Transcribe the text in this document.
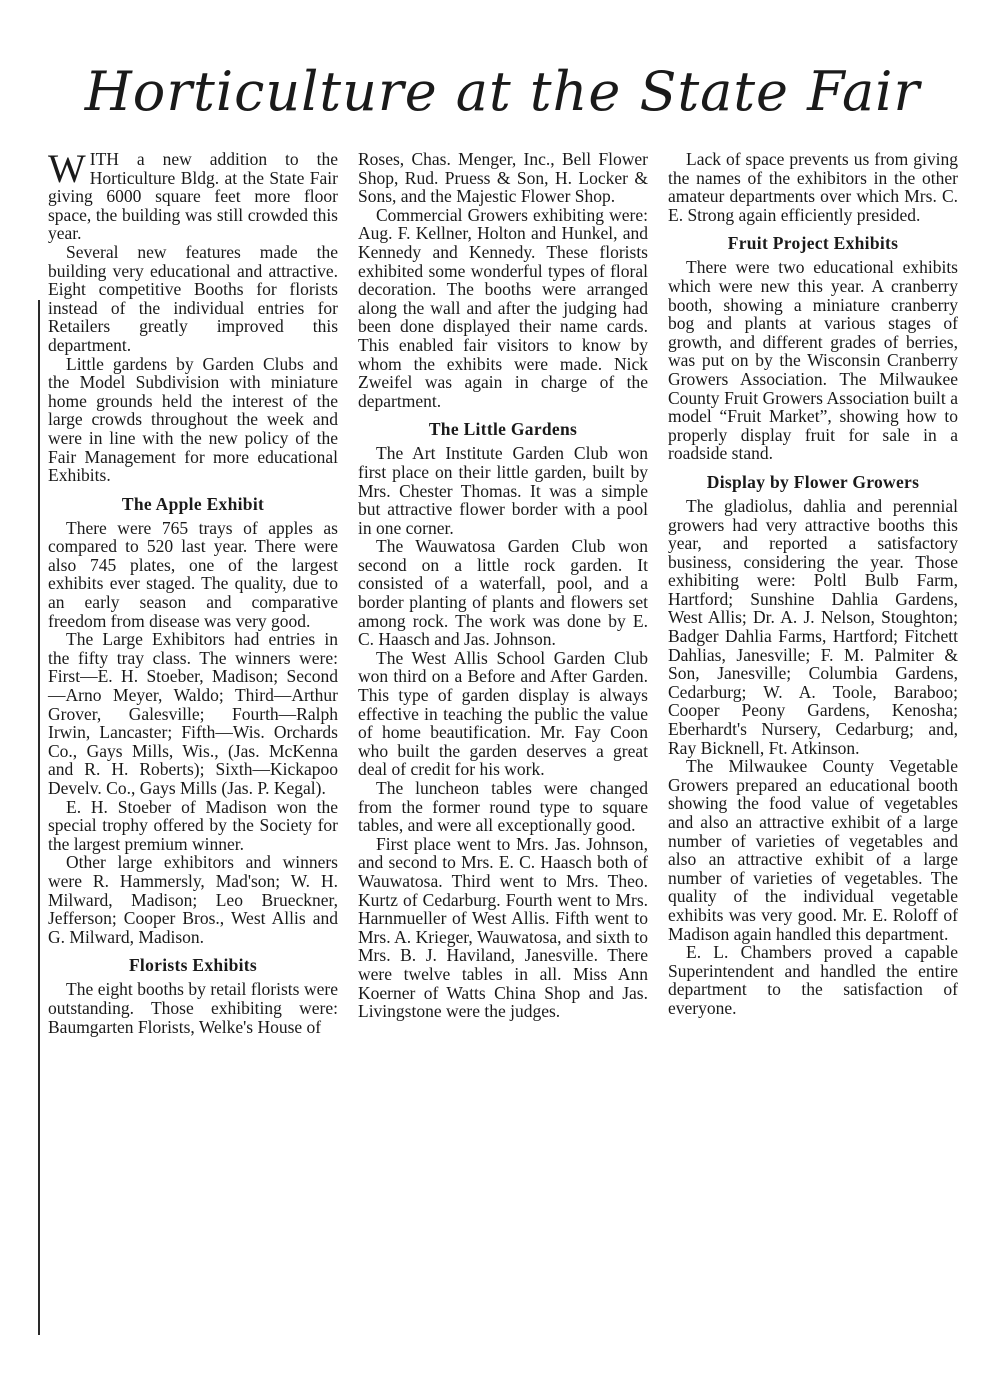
Horticulture at the State Fair

WITH a new addition to the Horticulture Bldg. at the State Fair giving 6000 square feet more floor space, the building was still crowded this year.

Several new features made the building very educational and attractive. Eight competitive Booths for florists instead of the individual entries for Retailers greatly improved this department.

Little gardens by Garden Clubs and the Model Subdivision with miniature home grounds held the interest of the large crowds throughout the week and were in line with the new policy of the Fair Management for more educational Exhibits.

The Apple Exhibit

There were 765 trays of apples as compared to 520 last year. There were also 745 plates, one of the largest exhibits ever staged. The quality, due to an early season and comparative freedom from disease was very good.

The Large Exhibitors had entries in the fifty tray class. The winners were: First—E. H. Stoeber, Madison; Second—Arno Meyer, Waldo; Third—Arthur Grover, Galesville; Fourth—Ralph Irwin, Lancaster; Fifth—Wis. Orchards Co., Gays Mills, Wis., (Jas. McKenna and R. H. Roberts); Sixth—Kickapoo Develv. Co., Gays Mills (Jas. P. Kegal).

E. H. Stoeber of Madison won the special trophy offered by the Society for the largest premium winner.

Other large exhibitors and winners were R. Hammersly, Mad'son; W. H. Milward, Madison; Leo Brueckner, Jefferson; Cooper Bros., West Allis and G. Milward, Madison.

Florists Exhibits

The eight booths by retail florists were outstanding. Those exhibiting were: Baumgarten Florists, Welke's House of

Roses, Chas. Menger, Inc., Bell Flower Shop, Rud. Pruess & Son, H. Locker & Sons, and the Majestic Flower Shop.

Commercial Growers exhibiting were: Aug. F. Kellner, Holton and Hunkel, and Kennedy and Kennedy. These florists exhibited some wonderful types of floral decoration. The booths were arranged along the wall and after the judging had been done displayed their name cards. This enabled fair visitors to know by whom the exhibits were made. Nick Zweifel was again in charge of the department.

The Little Gardens

The Art Institute Garden Club won first place on their little garden, built by Mrs. Chester Thomas. It was a simple but attractive flower border with a pool in one corner.

The Wauwatosa Garden Club won second on a little rock garden. It consisted of a waterfall, pool, and a border planting of plants and flowers set among rock. The work was done by E. C. Haasch and Jas. Johnson.

The West Allis School Garden Club won third on a Before and After Garden. This type of garden display is always effective in teaching the public the value of home beautification. Mr. Fay Coon who built the garden deserves a great deal of credit for his work.

The luncheon tables were changed from the former round type to square tables, and were all exceptionally good.

First place went to Mrs. Jas. Johnson, and second to Mrs. E. C. Haasch both of Wauwatosa. Third went to Mrs. Theo. Kurtz of Cedarburg. Fourth went to Mrs. Harnmueller of West Allis. Fifth went to Mrs. A. Krieger, Wauwatosa, and sixth to Mrs. B. J. Haviland, Janesville. There were twelve tables in all. Miss Ann Koerner of Watts China Shop and Jas. Livingstone were the judges.

Lack of space prevents us from giving the names of the exhibitors in the other amateur departments over which Mrs. C. E. Strong again efficiently presided.

Fruit Project Exhibits

There were two educational exhibits which were new this year. A cranberry booth, showing a miniature cranberry bog and plants at various stages of growth, and different grades of berries, was put on by the Wisconsin Cranberry Growers Association. The Milwaukee County Fruit Growers Association built a model “Fruit Market”, showing how to properly display fruit for sale in a roadside stand.

Display by Flower Growers

The gladiolus, dahlia and perennial growers had very attractive booths this year, and reported a satisfactory business, considering the year. Those exhibiting were: Poltl Bulb Farm, Hartford; Sunshine Dahlia Gardens, West Allis; Dr. A. J. Nelson, Stoughton; Badger Dahlia Farms, Hartford; Fitchett Dahlias, Janesville; F. M. Palmiter & Son, Janesville; Columbia Gardens, Cedarburg; W. A. Toole, Baraboo; Cooper Peony Gardens, Kenosha; Eberhardt's Nursery, Cedarburg; and, Ray Bicknell, Ft. Atkinson.

The Milwaukee County Vegetable Growers prepared an educational booth showing the food value of vegetables and also an attractive exhibit of a large number of varieties of vegetables and also an attractive exhibit of a large number of varieties of vegetables. The quality of the individual vegetable exhibits was very good. Mr. E. Roloff of Madison again handled this department.

E. L. Chambers proved a capable Superintendent and handled the entire department to the satisfaction of everyone.
